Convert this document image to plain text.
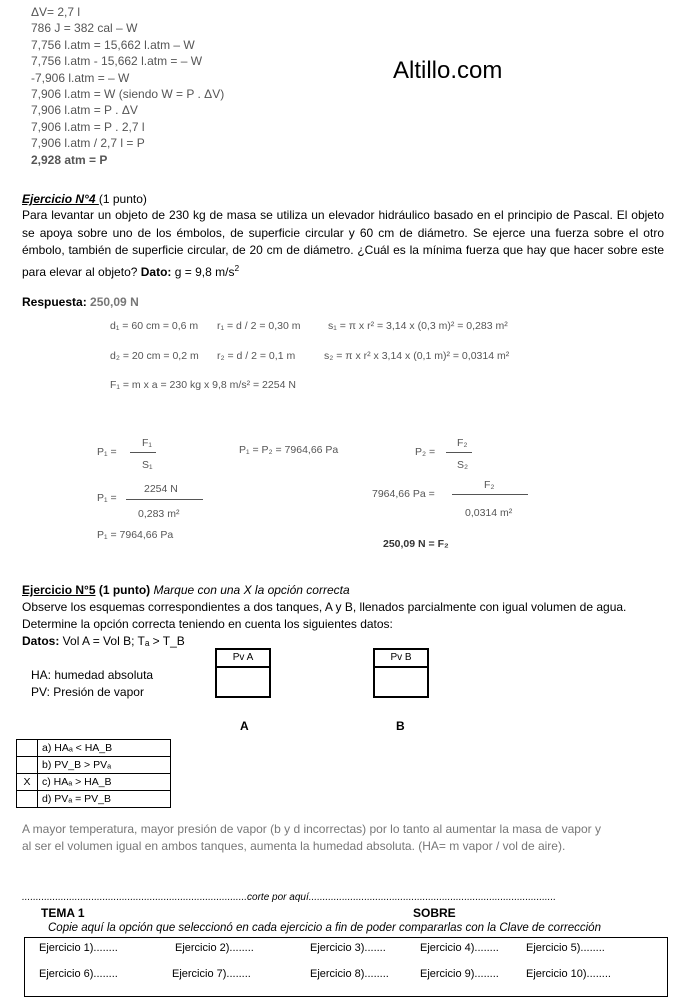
Altillo.com
ΔV= 2,7 l
786 J = 382 cal – W
7,756 l.atm = 15,662 l.atm – W
7,756 l.atm - 15,662 l.atm = – W
-7,906 l.atm = – W
7,906 l.atm = W (siendo W = P . ΔV)
7,906 l.atm = P . ΔV
7,906 l.atm = P . 2,7 l
7,906 l.atm / 2,7 l = P
2,928 atm = P
Ejercicio N°4 (1 punto)
Para levantar un objeto de 230 kg de masa se utiliza un elevador hidráulico basado en el principio de Pascal. El objeto se apoya sobre uno de los émbolos, de superficie circular y 60 cm de diámetro. Se ejerce una fuerza sobre el otro émbolo, también de superficie circular, de 20 cm de diámetro. ¿Cuál es la mínima fuerza que hay que hacer sobre este para elevar al objeto? Dato: g = 9,8 $m/s^2$
Respuesta: 250,09 N
d₁ = 60 cm = 0,6 m r₁ = d / 2 = 0,30 m	s₁ = π x r² = 3,14 x (0,3 m)² = 0,283 m²
d₂ = 20 cm = 0,2 m r₂ = d / 2 = 0,1 m	s₂ = π x r² x 3,14 x (0,1 m)² = 0,0314 m²
F₁ = m x a = 230 kg x 9,8 m/s² = 2254 N
P₁ =
F₁
S₁
P₁ = P₂ = 7964,66 Pa	P₂ =
F₂
S₂
P₁ =
2254 N
0,283 m²
7964,66 Pa =
F₂
0,0314 m²
P₁ = 7964,66 Pa
250,09 N = F₂
Ejercicio N°5 (1 punto) Marque con una X la opción correcta
Observe los esquemas correspondientes a dos tanques, A y B, llenados parcialmente con igual volumen de agua.
Determine la opción correcta teniendo en cuenta los siguientes datos:
Datos: Vol A = Vol B; Tₐ > T_B
HA: humedad absoluta
PV: Presión de vapor
Pv A	Pv B
A	B
	a) HAₐ < HA_B
	b) PV_B > PVₐ
X	c) HAₐ > HA_B
	d) PVₐ = PV_B
A mayor temperatura, mayor presión de vapor (b y d incorrectas) por lo tanto al aumentar la masa de vapor y al ser el volumen igual en ambos tanques, aumenta la humedad absoluta. (HA= m vapor / vol de aire).
.................................................................................corte por aquí.........................................................................................
TEMA 1	SOBRE
Copie aquí la opción que seleccionó en cada ejercicio a fin de poder compararlas con la Clave de corrección
Ejercicio 1)........	Ejercicio 2)........	Ejercicio 3).......	Ejercicio 4)........ Ejercicio 5)........
Ejercicio 6)........	Ejercicio 7)........	Ejercicio 8)........	Ejercicio 9)........ Ejercicio 10)........
